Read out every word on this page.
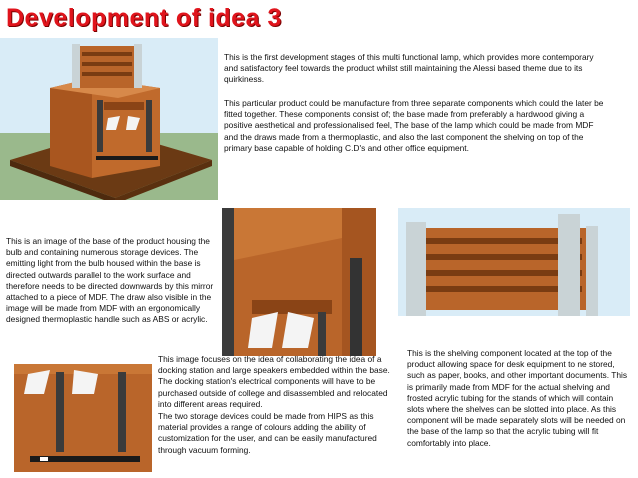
Development of idea 3

This is the first development stages of this multi functional lamp, which provides more contemporary and satisfactory feel towards the product whilst still maintaining the Alessi based theme due to its quirkiness.

This particular product could be manufacture from three separate components which could the later be fitted together. These components consist of; the base made from preferably a hardwood giving a positive aesthetical and professionalised feel, The base of the lamp which could be made from MDF and the draws made from a thermoplastic, and also the last component the shelving on top of the primary base capable of holding C.D's and other office equipment.

This is an image of the base of the product housing the bulb and containing numerous storage devices. The emitting light from the bulb housed within the base is directed outwards parallel to the work surface and therefore needs to be directed downwards by this mirror attached to a piece of MDF. The draw also visible in the image will be made from MDF with an ergonomically designed thermoplastic handle such as ABS or acrylic.

This is the shelving component located at the top of the product allowing space for desk equipment to ne stored, such as paper, books, and other important documents. This is primarily made from MDF for the actual shelving and frosted acrylic tubing for the stands of which will contain slots where the shelves can be slotted into place. As this component will be made separately slots will be needed on the base of the lamp so that the acrylic tubing will fit comfortably into place.

This image focuses on the idea of collaborating the idea of a docking station and large speakers embedded within the base. The docking station's electrical components will have to be purchased outside of college and disassembled and relocated into different areas required.

The two storage devices could be made from HIPS as this material provides a range of colours adding the ability of customization for the user, and can be easily manufactured through vacuum forming.
